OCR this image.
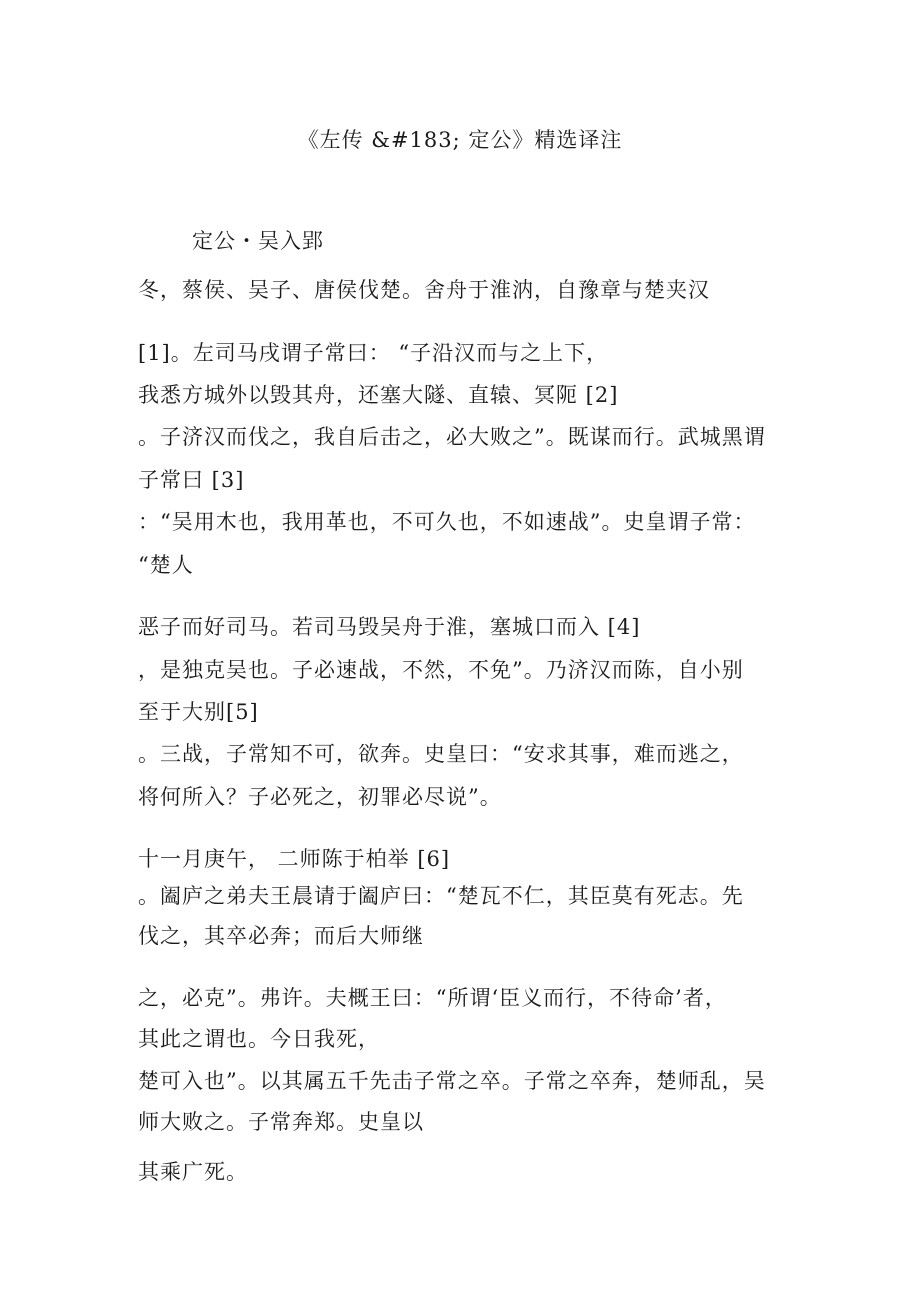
《左传 &#183; 定公》精选译注
定公・吴入郢
冬，蔡侯、吴子、唐侯伐楚。舍舟于淮汭，自豫章与楚夹汉
[1]。左司马戌谓子常曰： “子沿汉而与之上下，
我悉方城外以毁其舟，还塞大隧、直辕、冥阨 [2]
。子济汉而伐之，我自后击之，必大败之”。既谋而行。武城黑谓
子常曰 [3]
：“吴用木也，我用革也，不可久也，不如速战”。史皇谓子常：
“楚人
恶子而好司马。若司马毁吴舟于淮，塞城口而入 [4]
，是独克吴也。子必速战，不然，不免”。乃济汉而陈，自小别
至于大别[5]
。三战，子常知不可，欲奔。史皇曰：“安求其事，难而逃之，
将何所入？子必死之，初罪必尽说”。
十一月庚午， 二师陈于柏举 [6]
。阖庐之弟夫王晨请于阖庐曰：“楚瓦不仁，其臣莫有死志。先
伐之，其卒必奔；而后大师继
之，必克”。弗许。夫概王曰：“所谓‘臣义而行，不待命’者，
其此之谓也。今日我死，
楚可入也”。以其属五千先击子常之卒。子常之卒奔，楚师乱，吴
师大败之。子常奔郑。史皇以
其乘广死。
